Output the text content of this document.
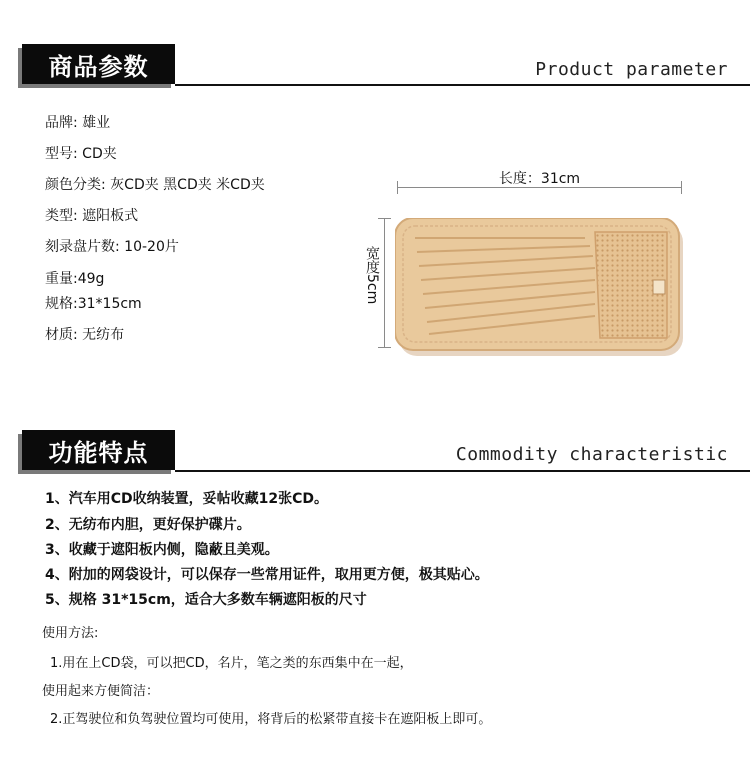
商品参数	Product parameter
品牌: 雄业
型号: CD夹
颜色分类: 灰CD夹 黑CD夹 米CD夹
类型: 遮阳板式
刻录盘片数: 10-20片
重量:49g
规格:31*15cm
材质: 无纺布
长度：31cm
宽度5cm
功能特点	Commodity characteristic
1、汽车用CD收纳装置，妥帖收藏12张CD。
2、无纺布内胆，更好保护碟片。
3、收藏于遮阳板内侧，隐蔽且美观。
4、附加的网袋设计，可以保存一些常用证件，取用更方便，极其贴心。
5、规格 31*15cm，适合大多数车辆遮阳板的尺寸
使用方法:
1.用在上CD袋，可以把CD，名片，笔之类的东西集中在一起，
使用起来方便简洁：
2.正驾驶位和负驾驶位置均可使用，将背后的松紧带直接卡在遮阳板上即可。
